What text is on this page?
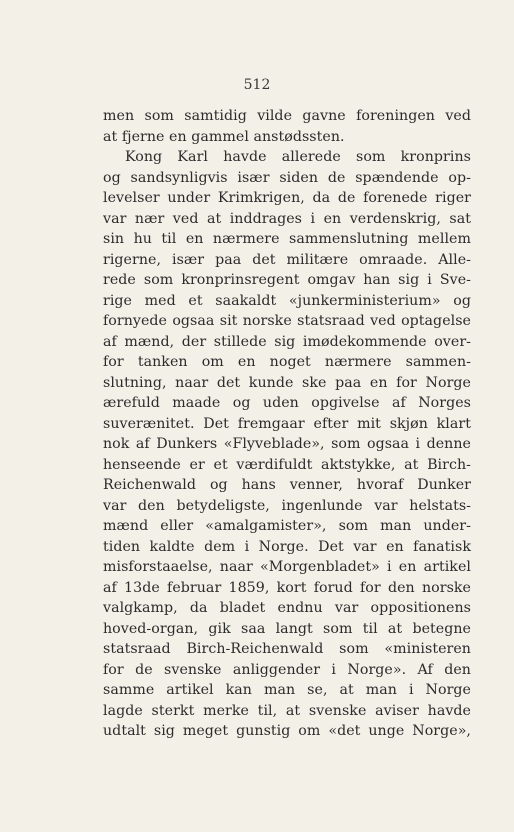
512
men som samtidig vilde gavne foreningen ved
at fjerne en gammel anstødssten.
Kong Karl havde allerede som kronprins
og sandsynligvis især siden de spændende op-
levelser under Krimkrigen, da de forenede riger
var nær ved at inddrages i en verdenskrig, sat
sin hu til en nærmere sammenslutning mellem
rigerne, især paa det militære omraade. Alle-
rede som kronprinsregent omgav han sig i Sve-
rige med et saakaldt «junkerministerium» og
fornyede ogsaa sit norske statsraad ved optagelse
af mænd, der stillede sig imødekommende over-
for tanken om en noget nærmere sammen-
slutning, naar det kunde ske paa en for Norge
ærefuld maade og uden opgivelse af Norges
suverænitet. Det fremgaar efter mit skjøn klart
nok af Dunkers «Flyveblade», som ogsaa i denne
henseende er et værdifuldt aktstykke, at Birch-
Reichenwald og hans venner, hvoraf Dunker
var den betydeligste, ingenlunde var helstats-
mænd eller «amalgamister», som man under-
tiden kaldte dem i Norge. Det var en fanatisk
misforstaaelse, naar «Morgenbladet» i en artikel
af 13de februar 1859, kort forud for den norske
valgkamp, da bladet endnu var oppositionens
hoved-organ, gik saa langt som til at betegne
statsraad Birch-Reichenwald som «ministeren
for de svenske anliggender i Norge». Af den
samme artikel kan man se, at man i Norge
lagde sterkt merke til, at svenske aviser havde
udtalt sig meget gunstig om «det unge Norge»,
